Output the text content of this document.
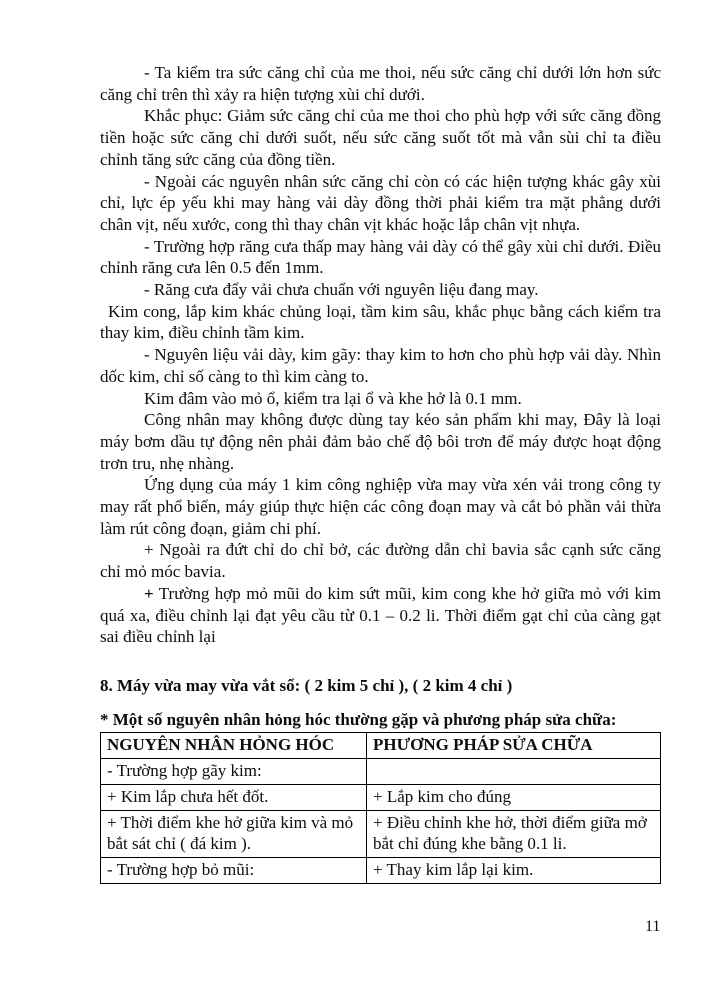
- Ta kiểm tra sức căng chỉ của me thoi, nếu sức căng chỉ dưới lớn hơn sức căng chỉ trên thì xảy ra hiện tượng xùi chỉ dưới.

Khắc phục: Giảm sức căng chỉ của me thoi cho phù hợp với sức căng đồng tiền hoặc sức căng chỉ dưới suốt, nếu sức căng suốt tốt mà vẫn sùi chỉ ta điều chỉnh tăng sức căng của đồng tiền.

- Ngoài các nguyên nhân sức căng chỉ còn có các hiện tượng khác gây xùi chỉ, lực ép yếu khi may hàng vải dày đồng thời phải kiểm tra mặt phẳng dưới chân vịt, nếu xước, cong thì thay chân vịt khác hoặc lắp chân vịt nhựa.

- Trường hợp răng cưa thấp may hàng vải dày có thể gây xùi chỉ dưới. Điều chỉnh răng cưa lên 0.5 đến 1mm.

- Răng cưa đẩy vải chưa chuẩn với nguyên liệu đang may.

Kim cong, lắp kim khác chủng loại, tầm kim sâu, khắc phục bằng cách kiểm tra thay kim, điều chỉnh tầm kim.

- Nguyên liệu vải dày, kim gãy: thay kim to hơn cho phù hợp vải dày. Nhìn dốc kim, chỉ số càng to thì kim càng to.

Kim đâm vào mỏ ổ, kiểm tra lại ổ và khe hở là 0.1 mm.

Công nhân may không được dùng tay kéo sản phẩm khi may, Đây là loại máy bơm dầu tự động nên phải đảm bảo chế độ bôi trơn để máy được hoạt động trơn tru, nhẹ nhàng.

Ứng dụng của máy 1 kim công nghiệp vừa may vừa xén vải trong công ty may rất phổ biến, máy giúp thực hiện các công đoạn may và cắt bỏ phần vải thừa làm rút công đoạn, giảm chi phí.

+ Ngoài ra đứt chỉ do chỉ bở, các đường dẫn chỉ bavia sắc cạnh sức căng chỉ mỏ móc bavia.

+ Trường hợp mỏ mũi do kim sứt mũi, kim cong khe hở giữa mỏ với kim quá xa, điều chỉnh lại đạt yêu cầu từ 0.1 – 0.2 li. Thời điểm gạt chỉ của càng gạt sai điều chỉnh lại

8. Máy vừa may vừa vắt sổ: ( 2 kim 5 chỉ ), ( 2 kim 4 chỉ )

* Một số nguyên nhân hỏng hóc thường gặp và phương pháp sửa chữa:

NGUYÊN NHÂN HỎNG HÓC	PHƯƠNG PHÁP SỬA CHỮA
- Trường hợp gãy kim:	
+ Kim lắp chưa hết đốt.	+ Lắp kim cho đúng
+ Thời điểm khe hở giữa kim và mỏ bắt sát chỉ ( đá kim ).	+ Điều chỉnh khe hở, thời điểm giữa mở bắt chỉ đúng khe bằng 0.1 li.
- Trường hợp bỏ mũi:	+ Thay kim lắp lại kim.
11
